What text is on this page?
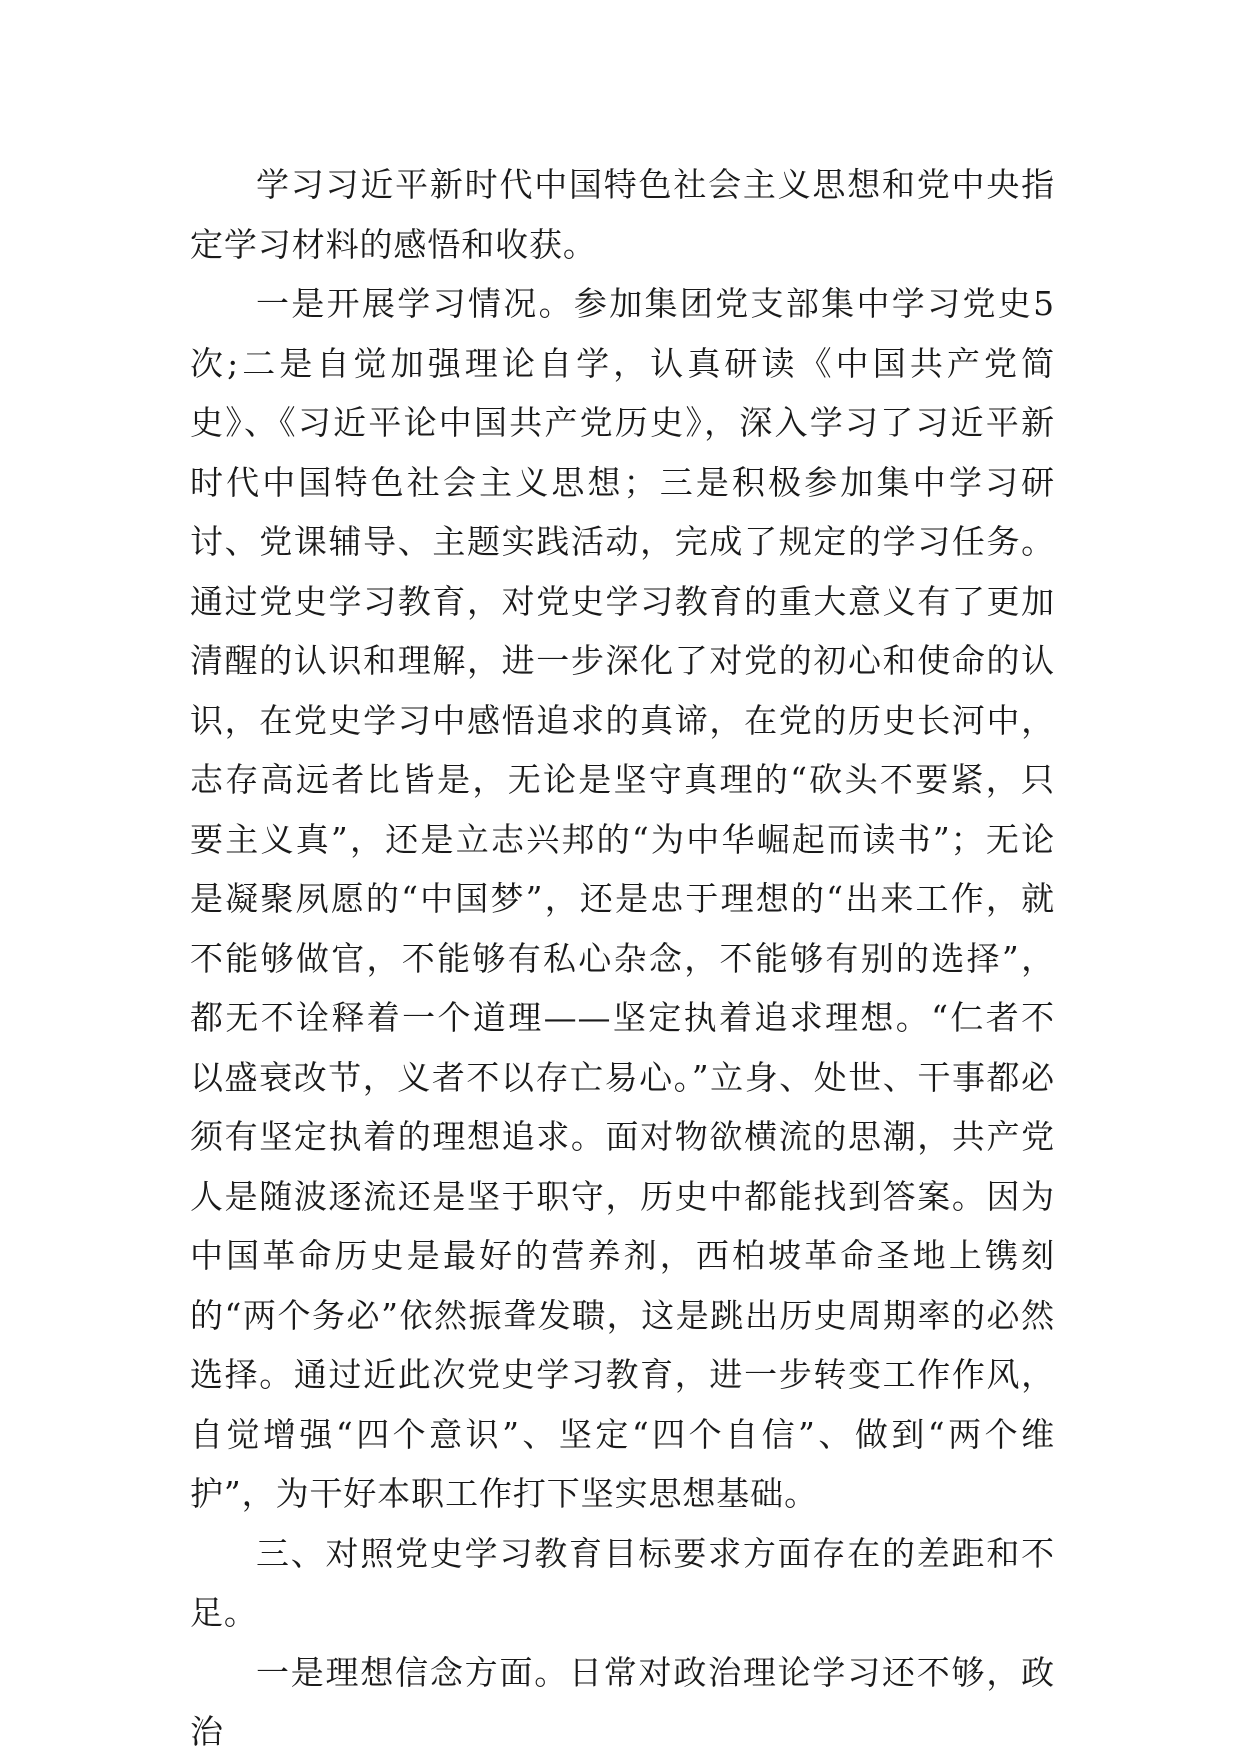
学习习近平新时代中国特色社会主义思想和党中央指定学习材料的感悟和收获。

一是开展学习情况。参加集团党支部集中学习党史5次;二是自觉加强理论自学，认真研读《中国共产党简史》、《习近平论中国共产党历史》，深入学习了习近平新时代中国特色社会主义思想；三是积极参加集中学习研讨、党课辅导、主题实践活动，完成了规定的学习任务。通过党史学习教育，对党史学习教育的重大意义有了更加清醒的认识和理解，进一步深化了对党的初心和使命的认识，在党史学习中感悟追求的真谛，在党的历史长河中，志存高远者比皆是，无论是坚守真理的“砍头不要紧，只要主义真”，还是立志兴邦的“为中华崛起而读书”；无论是凝聚夙愿的“中国梦”，还是忠于理想的“出来工作，就不能够做官，不能够有私心杂念，不能够有别的选择”，都无不诠释着一个道理——坚定执着追求理想。“仁者不以盛衰改节，义者不以存亡易心。”立身、处世、干事都必须有坚定执着的理想追求。面对物欲横流的思潮，共产党人是随波逐流还是坚于职守，历史中都能找到答案。因为中国革命历史是最好的营养剂，西柏坡革命圣地上镌刻的“两个务必”依然振聋发聩，这是跳出历史周期率的必然选择。通过近此次党史学习教育，进一步转变工作作风，自觉增强“四个意识”、坚定“四个自信”、做到“两个维护”，为干好本职工作打下坚实思想基础。

三、对照党史学习教育目标要求方面存在的差距和不足。

一是理想信念方面。日常对政治理论学习还不够，政治
